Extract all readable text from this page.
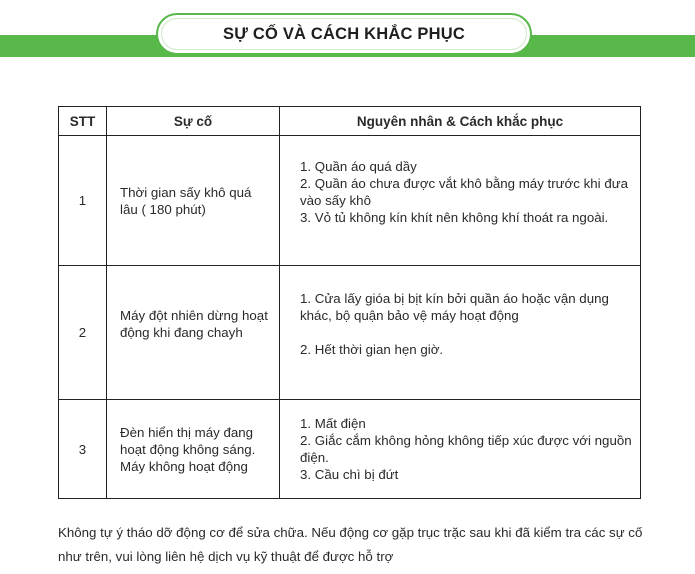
SỰ CỐ VÀ CÁCH KHẮC PHỤC
STT	Sự cố	Nguyên nhân & Cách khắc phục
1	Thời gian sấy khô quá lâu ( 180 phút)	1. Quần áo quá dầy
2. Quần áo chưa được vắt khô bằng máy trước khi đưa vào sấy khô
3. Vỏ tủ không kín khít nên không khí thoát ra ngoài.

2	Máy đột nhiên dừng hoạt động khi đang chayh	1. Cửa lấy gióa bị bịt kín bởi quần áo hoặc vận dụng khác, bộ quận bảo vệ máy hoạt động
2. Hết thời gian hẹn giờ.

3	Đèn hiển thị máy đang hoạt động không sáng. Máy không hoạt động	1. Mất điện
2. Giắc cắm không hỏng không tiếp xúc được với nguồn điện.
3. Cầu chì bị đứt
Không tự ý tháo dỡ động cơ để sửa chữa. Nếu động cơ gặp trục trặc sau khi đã kiểm tra các sự cố như trên, vui lòng liên hệ dịch vụ kỹ thuật để được hỗ trợ
